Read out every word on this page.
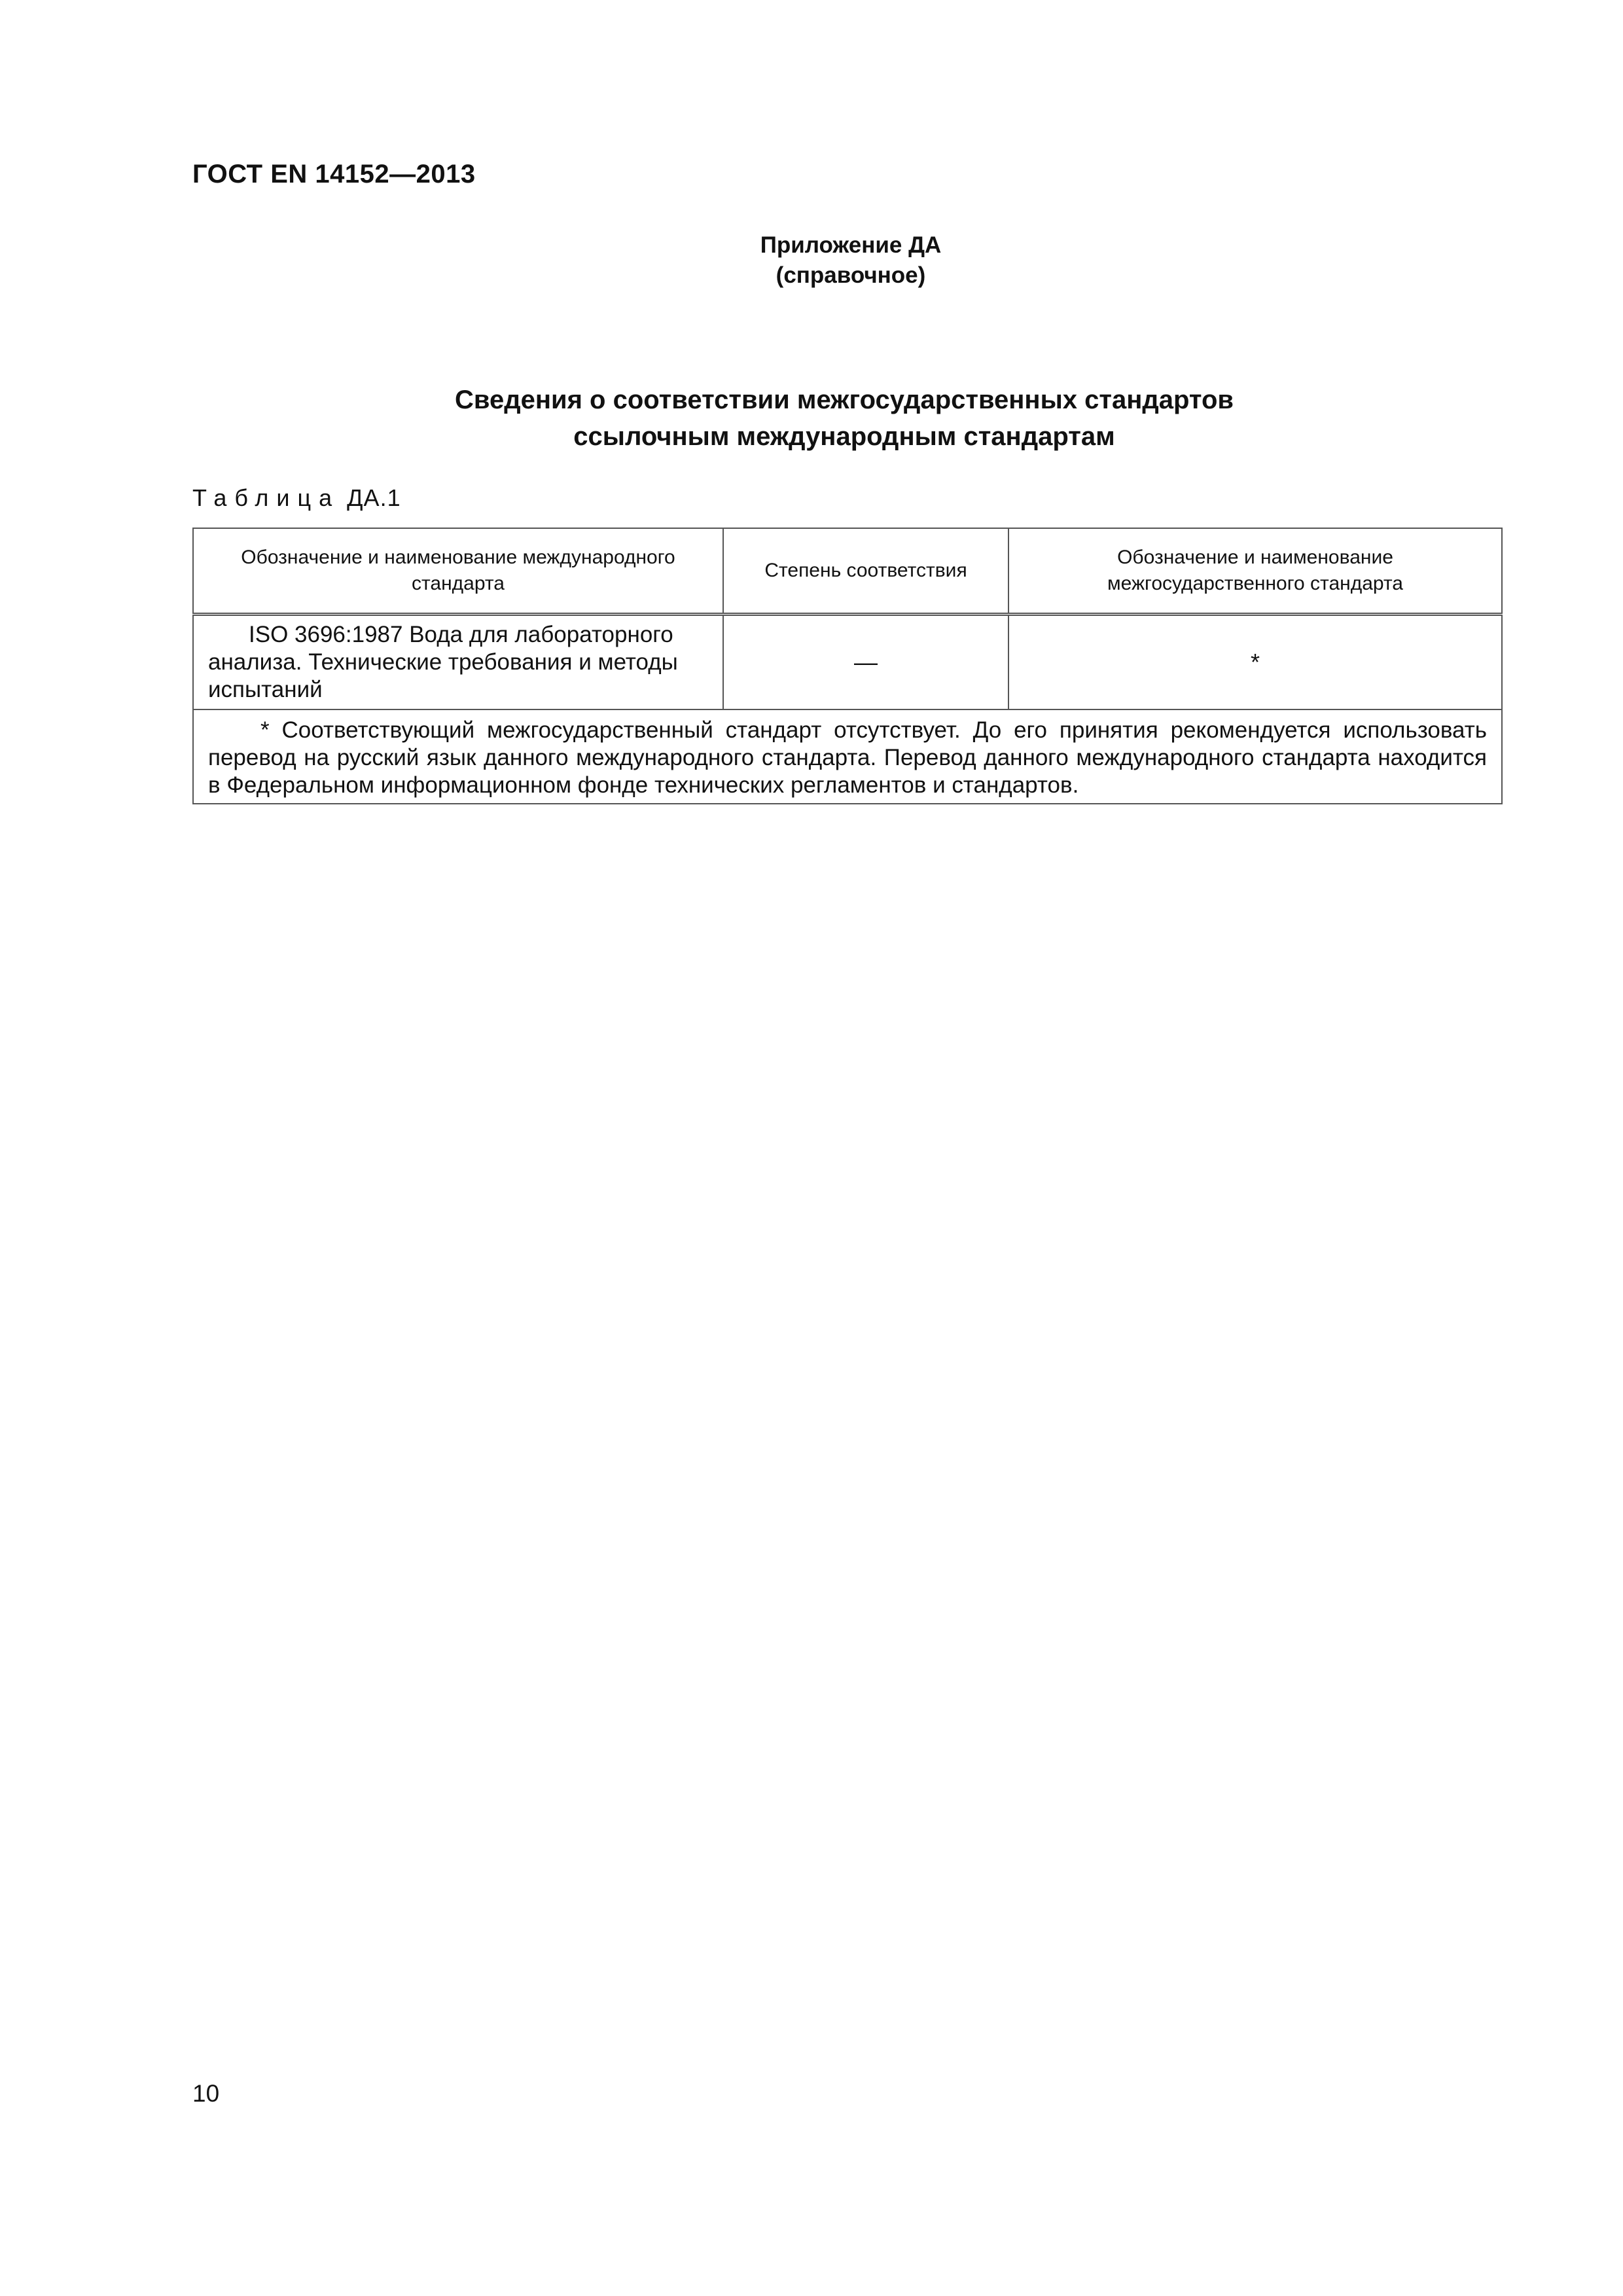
ГОСТ EN 14152—2013
Приложение ДА
(справочное)
Сведения о соответствии межгосударственных стандартов
ссылочным международным стандартам
Таблица ДА.1
Обозначение и наименование международного стандарта	Степень соответствия	Обозначение и наименование межгосударственного стандарта
ISO 3696:1987 Вода для лабораторного анализа. Технические требования и методы испытаний	—	*
* Соответствующий межгосударственный стандарт отсутствует. До его принятия рекомендуется использовать перевод на русский язык данного международного стандарта. Перевод данного международного стандарта находится в Федеральном информационном фонде технических регламентов и стандартов.		
10
